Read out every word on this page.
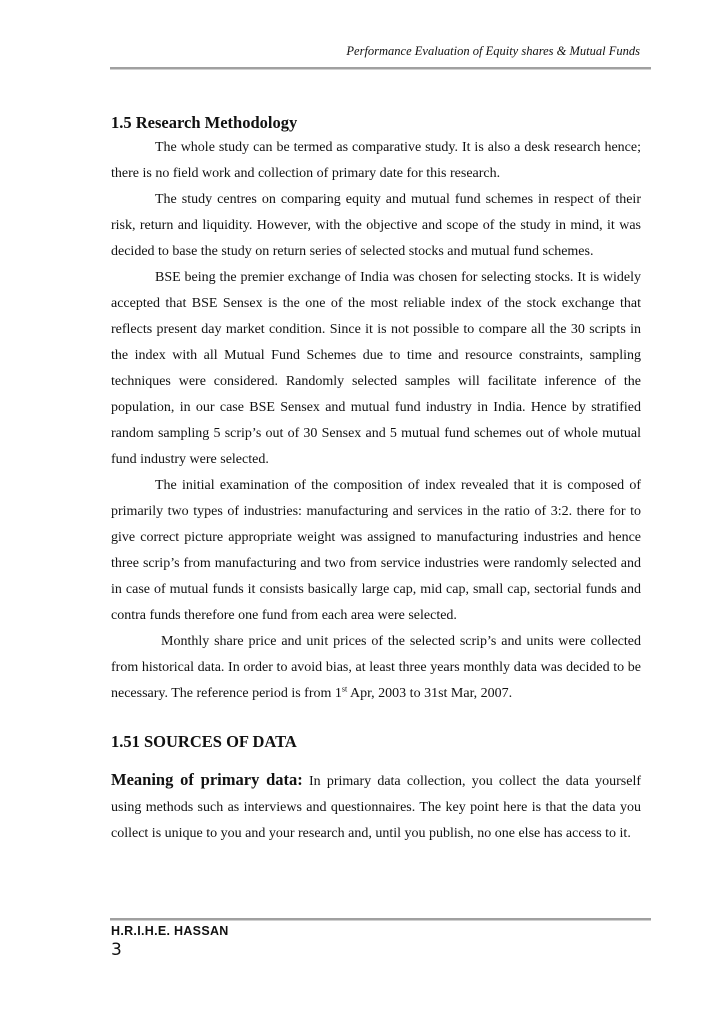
Performance Evaluation of Equity shares & Mutual Funds
1.5 Research Methodology

The whole study can be termed as comparative study. It is also a desk research hence; there is no field work and collection of primary date for this research.

The study centres on comparing equity and mutual fund schemes in respect of their risk, return and liquidity. However, with the objective and scope of the study in mind, it was decided to base the study on return series of selected stocks and mutual fund schemes.

BSE being the premier exchange of India was chosen for selecting stocks. It is widely accepted that BSE Sensex is the one of the most reliable index of the stock exchange that reflects present day market condition. Since it is not possible to compare all the 30 scripts in the index with all Mutual Fund Schemes due to time and resource constraints, sampling techniques were considered. Randomly selected samples will facilitate inference of the population, in our case BSE Sensex and mutual fund industry in India. Hence by stratified random sampling 5 scrip’s out of 30 Sensex and 5 mutual fund schemes out of whole mutual fund industry were selected.

The initial examination of the composition of index revealed that it is composed of primarily two types of industries: manufacturing and services in the ratio of 3:2. there for to give correct picture appropriate weight was assigned to manufacturing industries and hence three scrip’s from manufacturing and two from service industries were randomly selected and in case of mutual funds it consists basically large cap, mid cap, small cap, sectorial funds and contra funds therefore one fund from each area were selected.

Monthly share price and unit prices of the selected scrip’s and units were collected from historical data. In order to avoid bias, at least three years monthly data was decided to be necessary. The reference period is from 1st Apr, 2003 to 31st Mar, 2007.

1.51 SOURCES OF DATA

Meaning of primary data: In primary data collection, you collect the data yourself using methods such as interviews and questionnaires. The key point here is that the data you collect is unique to you and your research and, until you publish, no one else has access to it.

H.R.I.H.E. HASSAN
3
